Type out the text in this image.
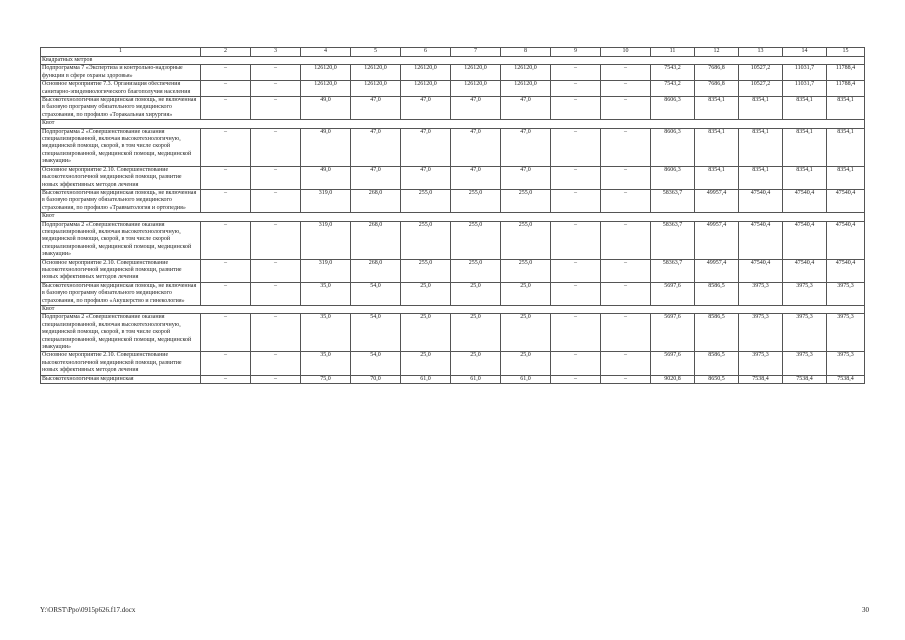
1	2	3	4	5	6	7	8	9	10	11	12	13	14	15
Квадратных метров														
Подпрограмма 7 «Экспертиза и контрольно-надзорные функции в сфере охраны здоровья»	–	–	126120,0	126120,0	126120,0	126120,0	126120,0	–	–	7543,2	7686,8	10527,2	11031,7	11788,4
Основное мероприятие 7.3. Организация обеспечения санитарно-эпидемиологического благополучия населения	–	–	126120,0	126120,0	126120,0	126120,0	126120,0	–	–	7543,2	7686,8	10527,2	11031,7	11788,4
Высокотехнологичная медицинская помощь, не включенная в базовую программу обязательного медицинского страхования, по профилю «Торакальная хирургия»	–	–	49,0	47,0	47,0	47,0	47,0	–	–	8606,3	8354,1	8354,1	8354,1	8354,1
Квот														
Подпрограмма 2 «Совершенствование оказания специализированной, включая высокотехнологичную, медицинской помощи, скорой, в том числе скорой специализированной, медицинской помощи, медицинской эвакуации»	–	–	49,0	47,0	47,0	47,0	47,0	–	–	8606,3	8354,1	8354,1	8354,1	8354,1
Основное мероприятие 2.10. Совершенствование высокотехнологичной медицинской помощи, развитие новых эффективных методов лечения	–	–	49,0	47,0	47,0	47,0	47,0	–	–	8606,3	8354,1	8354,1	8354,1	8354,1
Высокотехнологичная медицинская помощь, не включенная в базовую программу обязательного медицинского страхования, по профилю «Травматология и ортопедия»	–	–	319,0	268,0	255,0	255,0	255,0	–	–	58363,7	49957,4	47540,4	47540,4	47540,4
Квот														
Подпрограмма 2 «Совершенствование оказания специализированной, включая высокотехнологичную, медицинской помощи, скорой, в том числе скорой специализированной, медицинской помощи, медицинской эвакуации»	–	–	319,0	268,0	255,0	255,0	255,0	–	–	58363,7	49957,4	47540,4	47540,4	47540,4
Основное мероприятие 2.10. Совершенствование высокотехнологичной медицинской помощи, развитие новых эффективных методов лечения	–	–	319,0	268,0	255,0	255,0	255,0	–	–	58363,7	49957,4	47540,4	47540,4	47540,4
Высокотехнологичная медицинская помощь, не включенная в базовую программу обязательного медицинского страхования, по профилю «Акушерство и гинекология»	–	–	35,0	54,0	25,0	25,0	25,0	–	–	5697,6	8586,5	3975,3	3975,3	3975,3
Квот														
Подпрограмма 2 «Совершенствование оказания специализированной, включая высокотехнологичную, медицинской помощи, скорой, в том числе скорой специализированной, медицинской помощи, медицинской эвакуации»	–	–	35,0	54,0	25,0	25,0	25,0	–	–	5697,6	8586,5	3975,3	3975,3	3975,3
Основное мероприятие 2.10. Совершенствование высокотехнологичной медицинской помощи, развитие новых эффективных методов лечения	–	–	35,0	54,0	25,0	25,0	25,0	–	–	5697,6	8586,5	3975,3	3975,3	3975,3
Высокотехнологичная медицинская	–	–	75,0	70,0	61,0	61,0	61,0	–	–	9020,8	8650,5	7538,4	7538,4	7538,4
Y:\ORST\Ppo\0915p626.f17.docx	30
